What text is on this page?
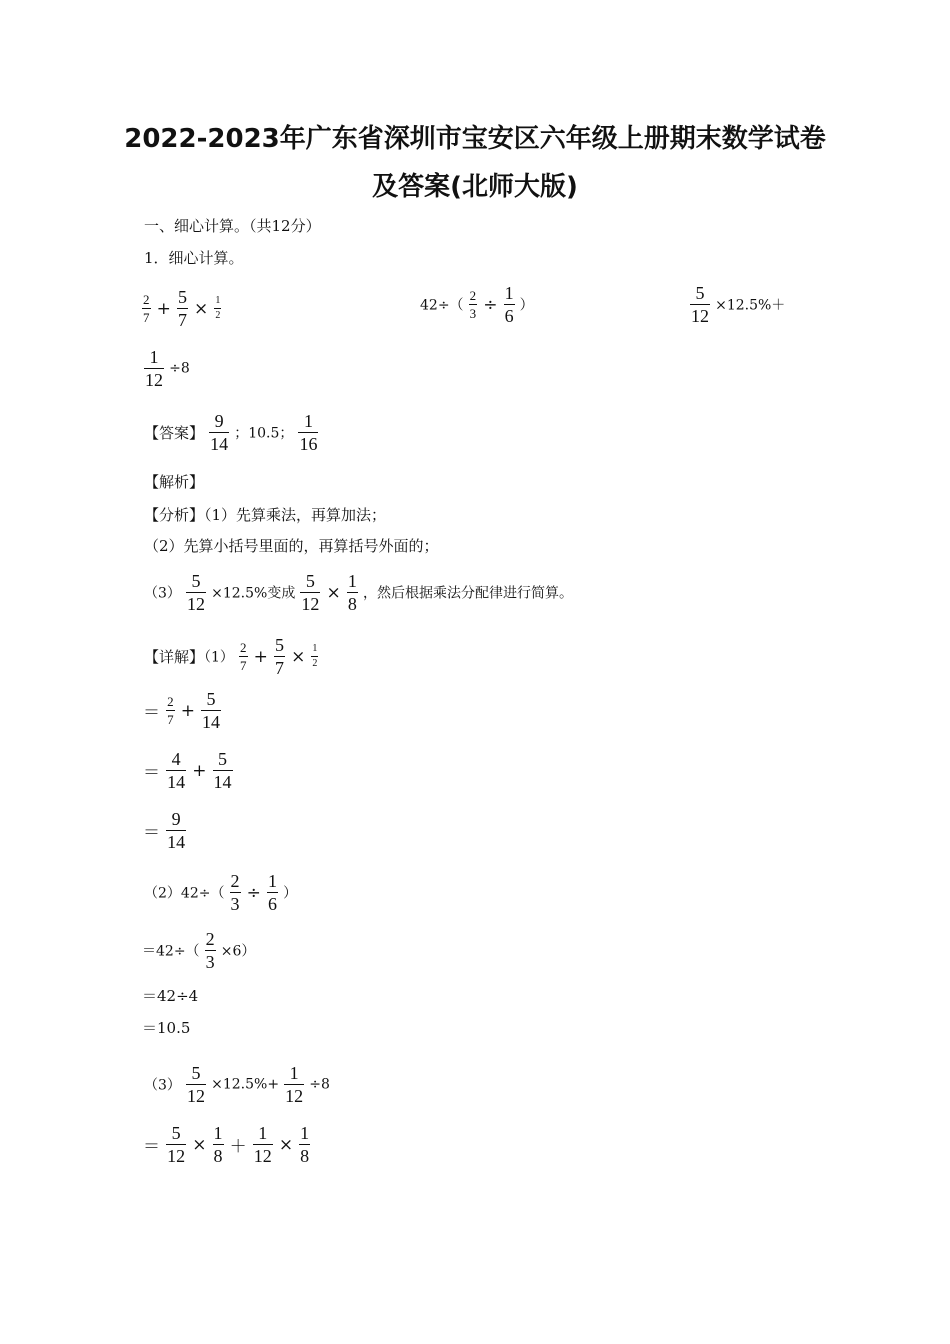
2022-2023年广东省深圳市宝安区六年级上册期末数学试卷
及答案(北师大版)
一、细心计算。（共12分）
1．细心计算。
$\frac{2}{7} + \frac{5}{7} \times \frac{1}{2}$	$42\div( \frac{2}{3} \div \frac{1}{6}$ ）	$\frac{5}{12} \times 12.5\%+$
$\frac{1}{12} \div 8$
【答案】 $\frac{9}{14}$ ；10.5； $\frac{1}{16}$
【解析】
【分析】（1）先算乘法，再算加法；
（2）先算小括号里面的，再算括号外面的；
$(3) \frac{5}{12} \times 12.5\%$变成 $\frac{5}{12} \times \frac{1}{8}$ ，然后根据乘法分配律进行简算。
【详解】$(1) \frac{2}{7} + \frac{5}{7} \times \frac{1}{2}$
＝ $\frac{2}{7} + \frac{5}{14}$
＝ $\frac{4}{14} + \frac{5}{14}$
＝ $\frac{9}{14}$
$(2)42\div( \frac{2}{3} \div \frac{1}{6}$ ）
$=42\div( \frac{2}{3} \times 6)$
＝42÷4
＝10.5
$(3) \frac{5}{12} \times 12.5\%+ \frac{1}{12} \div 8$
＝ $\frac{5}{12} \times \frac{1}{8} + \frac{1}{12} \times \frac{1}{8}$
